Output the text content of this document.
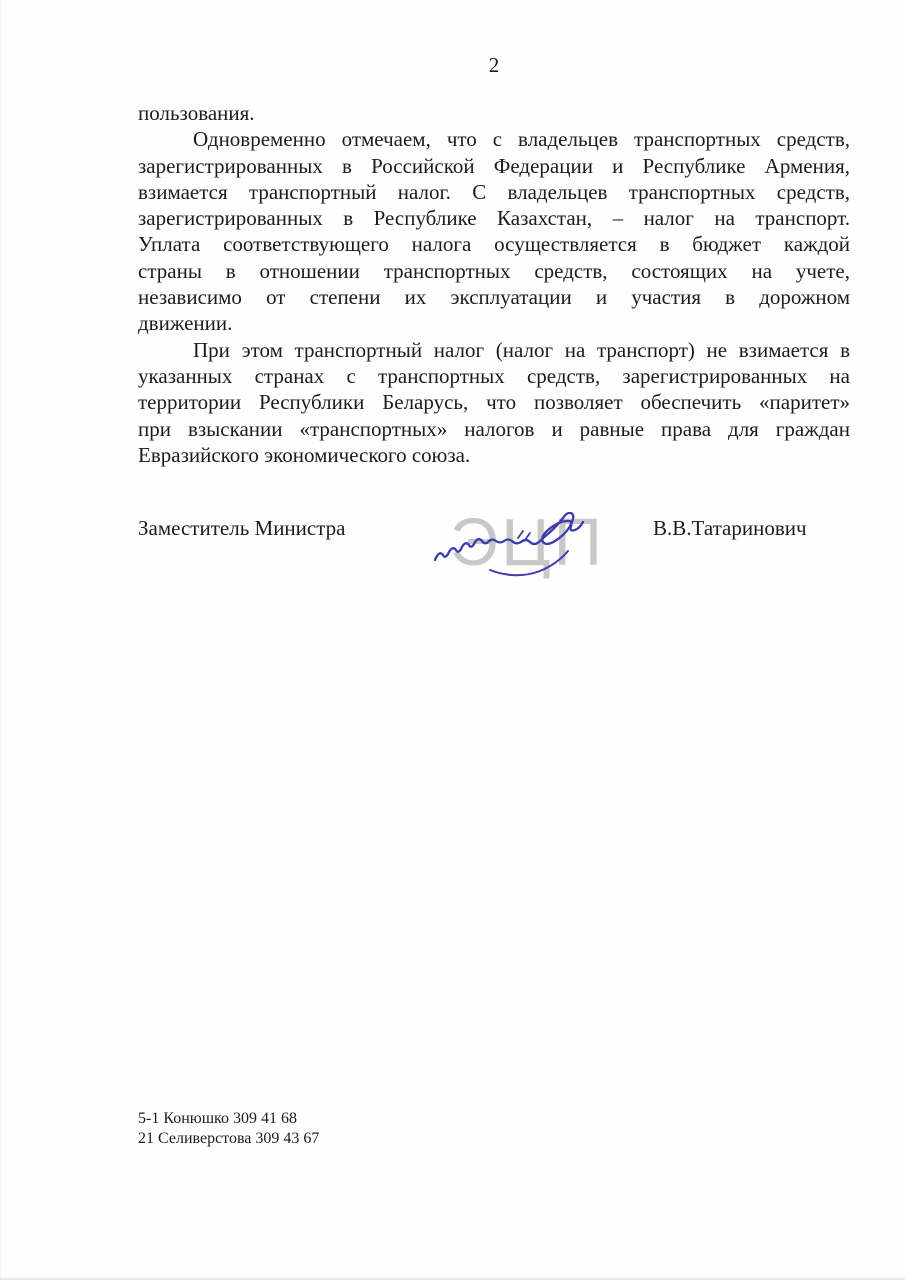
2
пользования.
Одновременно отмечаем, что с владельцев транспортных средств,
зарегистрированных в Российской Федерации и Республике Армения,
взимается транспортный налог. С владельцев транспортных средств,
зарегистрированных в Республике Казахстан, – налог на транспорт.
Уплата соответствующего налога осуществляется в бюджет каждой
страны в отношении транспортных средств, состоящих на учете,
независимо от степени их эксплуатации и участия в дорожном
движении.
При этом транспортный налог (налог на транспорт) не взимается в
указанных странах с транспортных средств, зарегистрированных на
территории Республики Беларусь, что позволяет обеспечить «паритет»
при взыскании «транспортных» налогов и равные права для граждан
Евразийского экономического союза.
Заместитель Министра ЭЦП В.В.Татаринович
5-1 Конюшко 309 41 68
21 Селиверстова 309 43 67
